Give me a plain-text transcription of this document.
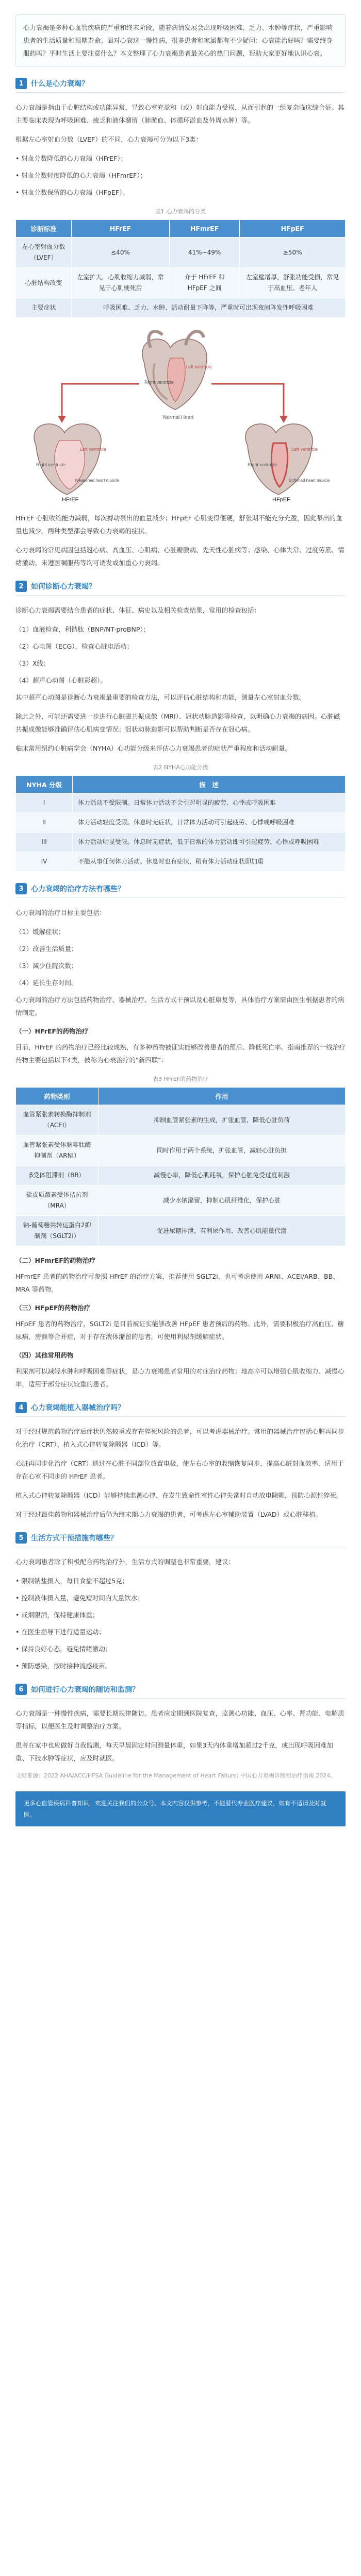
心力衰竭是多种心血管疾病的严重和终末阶段，随着病情发展会出现呼吸困难、乏力、水肿等症状，严重影响患者的生活质量和预期寿命。面对心衰这一慢性病，很多患者和家属都有不少疑问：心衰能治好吗？需要终身服药吗？平时生活上要注意什么？本文整理了心力衰竭患者最关心的热门问题，帮助大家更好地认识心衰。

1	什么是心力衰竭？

心力衰竭是指由于心脏结构或功能异常，导致心室充盈和（或）射血能力受损，从而引起的一组复杂临床综合征。其主要临床表现为呼吸困难、疲乏和液体潴留（肺淤血、体循环淤血及外周水肿）等。

根据左心室射血分数（LVEF）的不同，心力衰竭可分为以下3类：

• 射血分数降低的心力衰竭（HFrEF）；

• 射血分数轻度降低的心力衰竭（HFmrEF）；

• 射血分数保留的心力衰竭（HFpEF）。

表1 心力衰竭的分类
诊断标准	HFrEF	HFmrEF	HFpEF
左心室射血分数（LVEF）	≤40%	41%~49%	≥50%
心脏结构改变	左室扩大，心肌收缩力减弱，常见于心肌梗死后	介于 HFrEF 和 HFpEF 之间	左室壁增厚，舒张功能受损，常见于高血压、老年人
主要症状	呼吸困难、乏力、水肿、活动耐量下降等，严重时可出现夜间阵发性呼吸困难		
Left ventricle
Right ventricle
Normal Heart
Left ventricle
Right ventricle
Weakened heart muscle
HFrEF
Left ventricle
Right ventricle
Stiffened heart muscle
HFpEF

HFrEF 心脏收缩能力减弱，每次搏动泵出的血量减少；HFpEF 心肌变得僵硬，舒张期不能充分充盈，因此泵出的血量也减少。两种类型都会导致心力衰竭的症状。

心力衰竭的常见病因包括冠心病、高血压、心肌病、心脏瓣膜病、先天性心脏病等；感染、心律失常、过度劳累、情绪激动、未遵医嘱服药等均可诱发或加重心力衰竭。

2	如何诊断心力衰竭？

诊断心力衰竭需要结合患者的症状、体征、病史以及相关检查结果，常用的检查包括：

（1）血液检查，利钠肽（BNP/NT-proBNP）；

（2）心电图（ECG），检查心脏电活动；

（3）X线；

（4）超声心动图（心脏彩超）。

其中超声心动图是诊断心力衰竭最重要的检查方法，可以评估心脏结构和功能，测量左心室射血分数。

除此之外，可能还需要进一步进行心脏磁共振成像（MRI）、冠状动脉造影等检查，以明确心力衰竭的病因。心脏磁共振成像能够准确评估心肌病变情况；冠状动脉造影可以帮助判断是否存在冠心病。

临床常用纽约心脏病学会（NYHA）心功能分级来评估心力衰竭患者的症状严重程度和活动耐量。

表2 NYHA心功能分级
NYHA 分级	描　述
I	体力活动不受限制。日常体力活动不会引起明显的疲劳、心悸或呼吸困难
II	体力活动轻度受限。休息时无症状，日常体力活动可引起疲劳、心悸或呼吸困难
III	体力活动明显受限。休息时无症状，低于日常的体力活动即可引起疲劳、心悸或呼吸困难
IV	不能从事任何体力活动。休息时也有症状，稍有体力活动症状即加重
3	心力衰竭的治疗方法有哪些？

心力衰竭的治疗目标主要包括：

（1）缓解症状；

（2）改善生活质量；

（3）减少住院次数；

（4）延长生存时间。

心力衰竭的治疗方法包括药物治疗、器械治疗、生活方式干预以及心脏康复等，具体治疗方案需由医生根据患者的病情制定。

（一）HFrEF的药物治疗

目前，HFrEF 的药物治疗已经比较成熟，有多种药物被证实能够改善患者的预后、降低死亡率。指南推荐的一线治疗药物主要包括以下4类，被称为心衰治疗的"新四联"：

表3 HFrEF的药物治疗
药物类别	作用
血管紧张素转换酶抑制剂（ACEI）	抑制血管紧张素的生成，扩张血管，降低心脏负荷
血管紧张素受体脑啡肽酶抑制剂（ARNI）	同时作用于两个系统，扩张血管，减轻心脏负担
β受体阻滞剂（BB）	减慢心率，降低心肌耗氧，保护心脏免受过度刺激
盐皮质激素受体拮抗剂（MRA）	减少水钠潴留，抑制心肌纤维化，保护心脏
钠-葡萄糖共转运蛋白2抑制剂（SGLT2i）	促进尿糖排泄，有利尿作用，改善心肌能量代谢
（二）HFmrEF的药物治疗

HFmrEF 患者的药物治疗可参照 HFrEF 的治疗方案，推荐使用 SGLT2i，也可考虑使用 ARNI、ACEI/ARB、BB、MRA 等药物。

（三）HFpEF的药物治疗

HFpEF 患者的药物治疗，SGLT2i 是目前被证实能够改善 HFpEF 患者预后的药物。此外，需要积极治疗高血压、糖尿病、房颤等合并症，对于存在液体潴留的患者，可使用利尿剂缓解症状。

（四）其他常用药物

利尿剂可以减轻水肿和呼吸困难等症状，是心力衰竭患者常用的对症治疗药物；地高辛可以增强心肌收缩力、减慢心率，适用于部分症状较重的患者。

4	心力衰竭能植入器械治疗吗？

对于经过规范药物治疗后症状仍然较重或存在猝死风险的患者，可以考虑器械治疗。常用的器械治疗包括心脏再同步化治疗（CRT）、植入式心律转复除颤器（ICD）等。

心脏再同步化治疗（CRT）通过在心脏不同部位放置电极，使左右心室的收缩恢复同步，提高心脏射血效率，适用于存在心室不同步的 HFrEF 患者。

植入式心律转复除颤器（ICD）能够持续监测心律，在发生致命性室性心律失常时自动放电除颤，预防心源性猝死。

对于经过最佳药物和器械治疗后仍为终末期心力衰竭的患者，可考虑左心室辅助装置（LVAD）或心脏移植。

5	生活方式干预措施有哪些？

心力衰竭患者除了积极配合药物治疗外，生活方式的调整也非常重要，建议：

• 限制钠盐摄入，每日食盐不超过5克；

• 控制液体摄入量，避免短时间内大量饮水；

• 戒烟限酒，保持健康体重；

• 在医生指导下进行适量运动；

• 保持良好心态，避免情绪激动；

• 预防感染，按时接种流感疫苗。

6	如何进行心力衰竭的随访和监测？

心力衰竭是一种慢性疾病，需要长期规律随访。患者应定期到医院复查，监测心功能、血压、心率、肾功能、电解质等指标，以便医生及时调整治疗方案。

患者在家中也应做好自我监测，每天早晨固定时间测量体重，如果3天内体重增加超过2千克，或出现呼吸困难加重、下肢水肿等症状，应及时就医。

文献来源：2022 AHA/ACC/HFSA Guideline for the Management of Heart Failure; 中国心力衰竭诊断和治疗指南 2024。
更多心血管疾病科普知识，欢迎关注我们的公众号。本文内容仅供参考，不能替代专业医疗建议，如有不适请及时就医。
